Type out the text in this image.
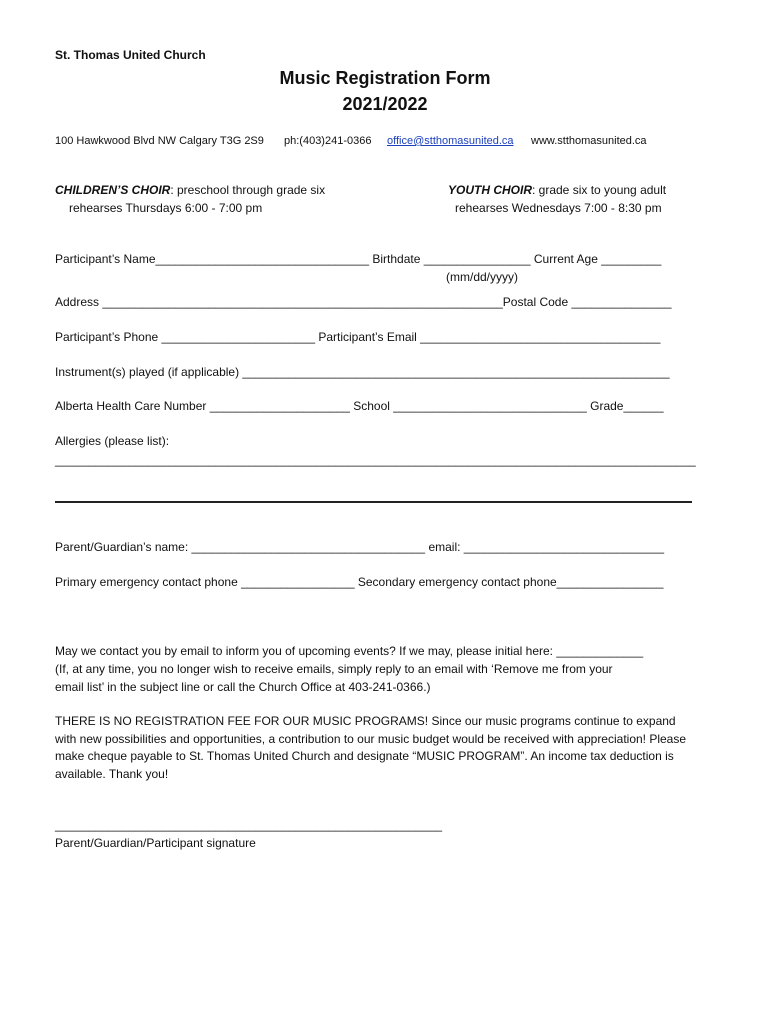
St. Thomas United Church
Music Registration Form
2021/2022
100 Hawkwood Blvd NW Calgary T3G 2S9 ph:(403)241-0366 office@stthomasunited.ca www.stthomasunited.ca
CHILDREN’S CHOIR: preschool through grade six
rehearses Thursdays 6:00 - 7:00 pm
YOUTH CHOIR: grade six to young adult
rehearses Wednesdays 7:00 - 8:30 pm
Participant’s Name________________________________ Birthdate ________________ Current Age _________
(mm/dd/yyyy)
Address ____________________________________________________________Postal Code _______________
Participant’s Phone _______________________ Participant’s Email ____________________________________
Instrument(s) played (if applicable) ________________________________________________________________
Alberta Health Care Number _____________________ School _____________________________ Grade______
Allergies (please list):
________________________________________________________________________________________________
Parent/Guardian’s name: ___________________________________ email: ______________________________
Primary emergency contact phone _________________ Secondary emergency contact phone________________
May we contact you by email to inform you of upcoming events? If we may, please initial here: _____________
(If, at any time, you no longer wish to receive emails, simply reply to an email with ‘Remove me from your
email list’ in the subject line or call the Church Office at 403-241-0366.)
THERE IS NO REGISTRATION FEE FOR OUR MUSIC PROGRAMS! Since our music programs continue to expand with new possibilities and opportunities, a contribution to our music budget would be received with appreciation! Please make cheque payable to St. Thomas United Church and designate “MUSIC PROGRAM”. An income tax deduction is available. Thank you!
__________________________________________________________
Parent/Guardian/Participant signature
